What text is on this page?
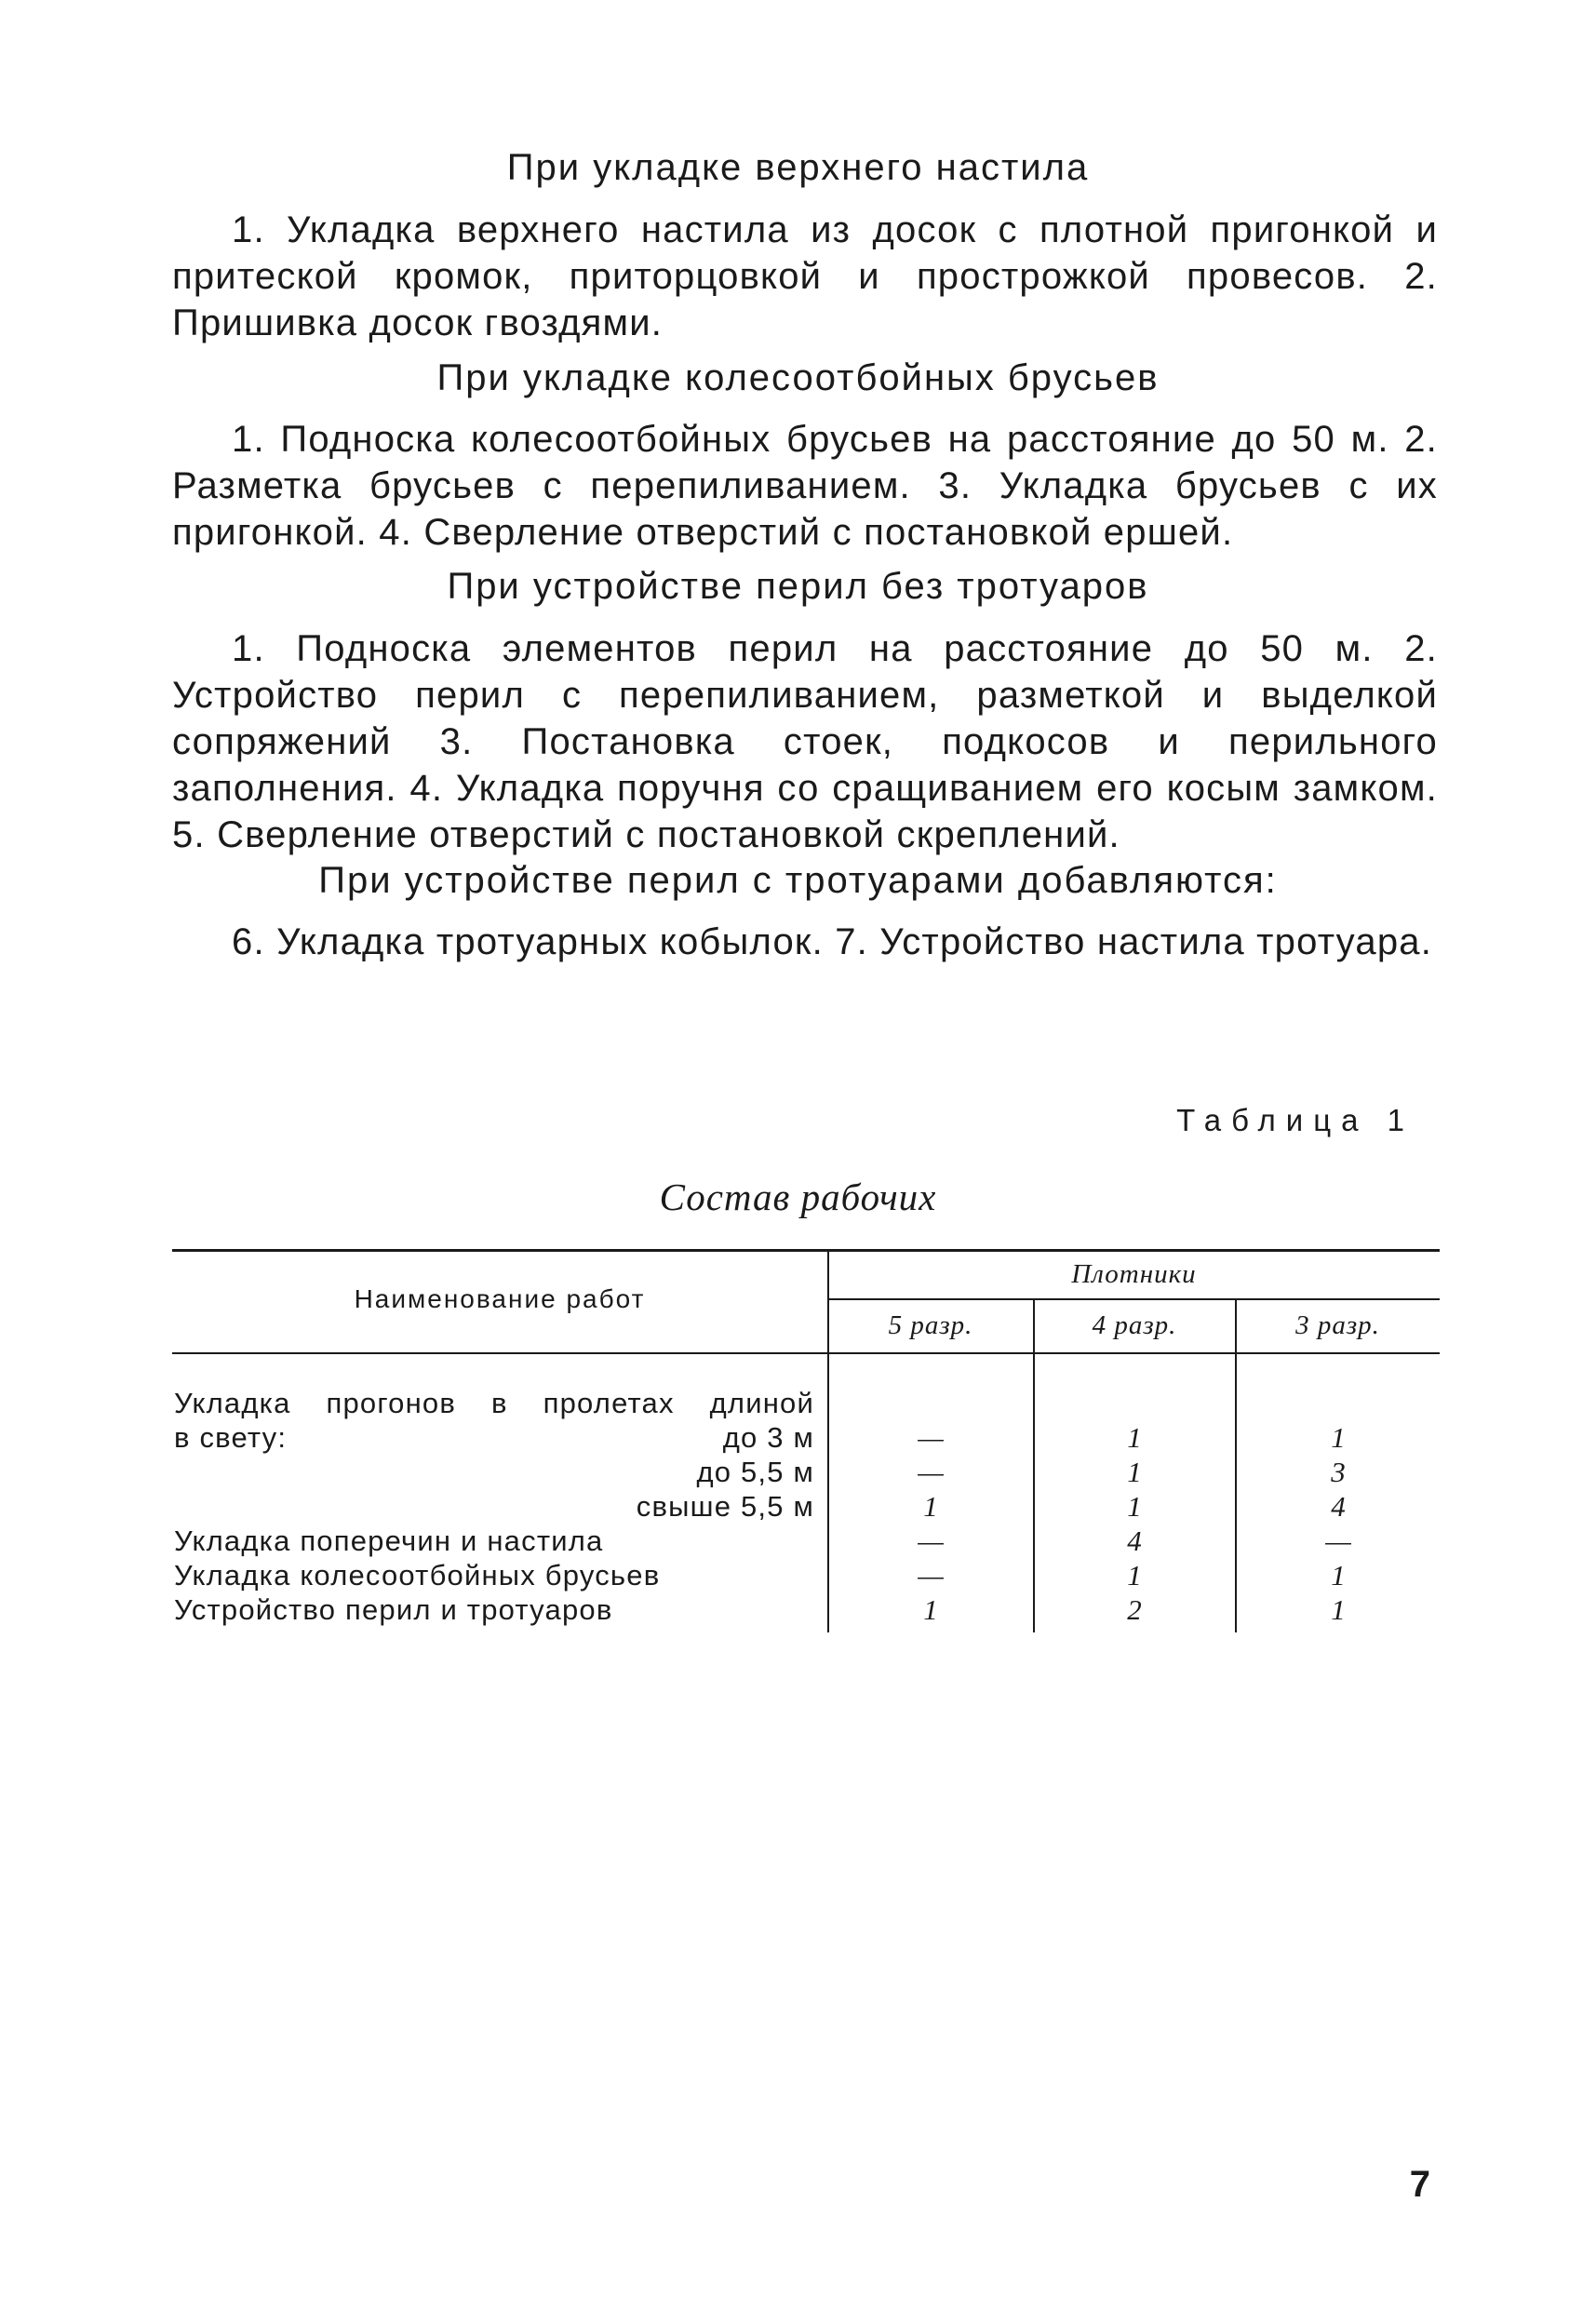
При укладке верхнего настила

1. Укладка верхнего настила из досок с плотной пригонкой и притеской кромок, приторцовкой и прострожкой провесов. 2. Пришивка досок гвоздями.

При укладке колесоотбойных брусьев

1. Подноска колесоотбойных брусьев на расстояние до 50 м. 2. Разметка брусьев с перепиливанием. 3. Укладка брусьев с их пригонкой. 4. Сверление отверстий с постановкой ершей.

При устройстве перил без тротуаров

1. Подноска элементов перил на расстояние до 50 м. 2. Устройство перил с перепиливанием, разметкой и выделкой сопряжений 3. Постановка стоек, подкосов и перильного заполнения. 4. Укладка поручня со сращиванием его косым замком. 5. Сверление отверстий с постановкой скреплений.

При устройстве перил с тротуарами добавляются:

6. Укладка тротуарных кобылок. 7. Устройство настила тротуара.

Таблица 1
Состав рабочих
Наименование работ
Плотники
5 разр.	4 разр.	3 разр.
Укладка прогонов в пролетах длиной
в свету:	до 3 м	—	1	1
до 5,5 м	—	1	3
свыше 5,5 м	1	1	4
Укладка поперечин и настила	—	4	—
Укладка колесоотбойных брусьев	—	1	1
Устройство перил и тротуаров	1	2	1
7
